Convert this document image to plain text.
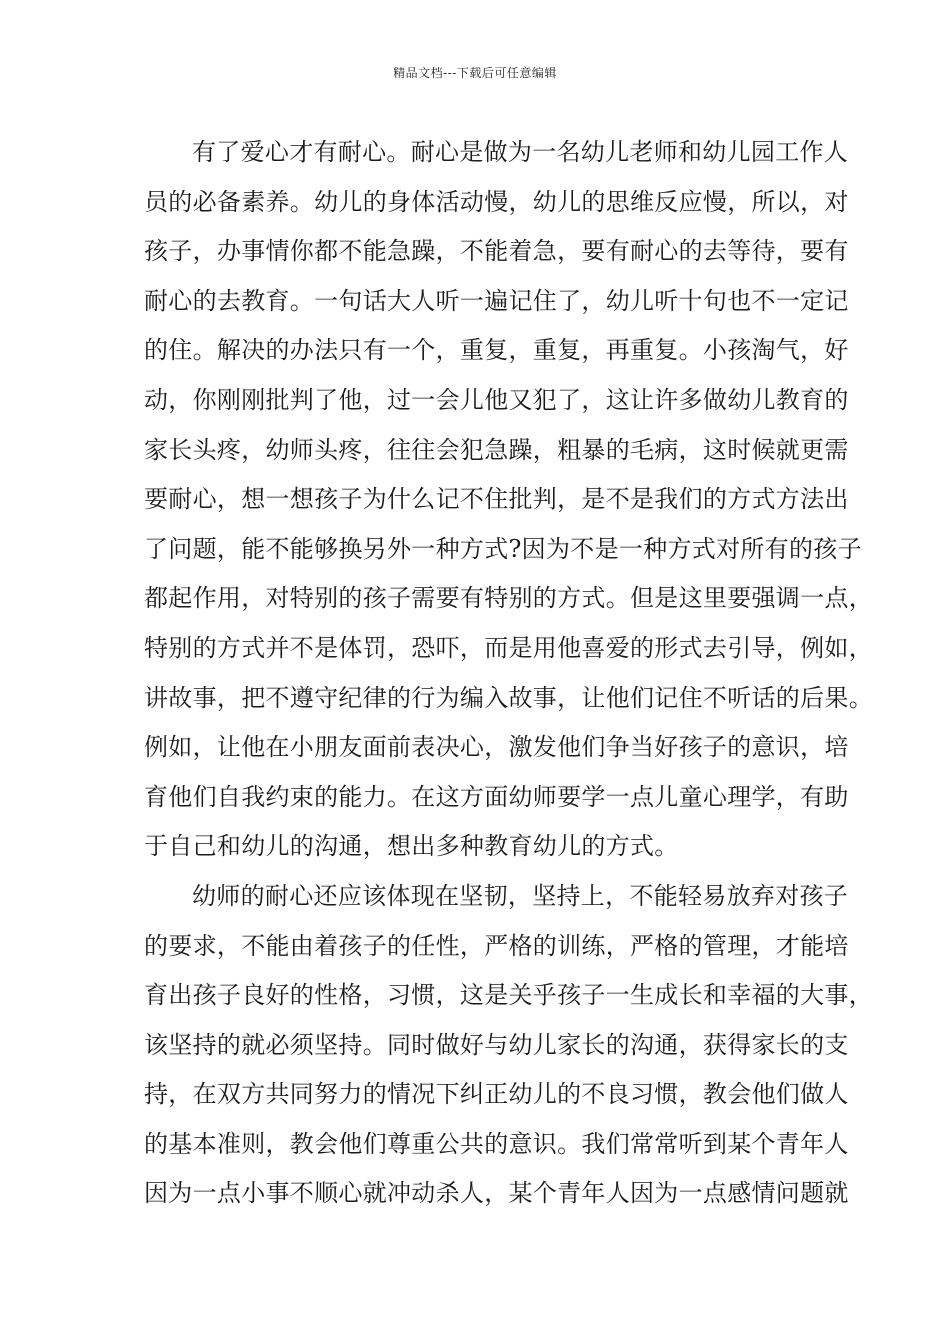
精品文档---下载后可任意编辑
有了爱心才有耐心。耐心是做为一名幼儿老师和幼儿园工作人
员的必备素养。幼儿的身体活动慢，幼儿的思维反应慢，所以，对
孩子，办事情你都不能急躁，不能着急，要有耐心的去等待，要有
耐心的去教育。一句话大人听一遍记住了，幼儿听十句也不一定记
的住。解决的办法只有一个，重复，重复，再重复。小孩淘气，好
动，你刚刚批判了他，过一会儿他又犯了，这让许多做幼儿教育的
家长头疼，幼师头疼，往往会犯急躁，粗暴的毛病，这时候就更需
要耐心，想一想孩子为什么记不住批判，是不是我们的方式方法出
了问题，能不能够换另外一种方式?因为不是一种方式对所有的孩子
都起作用，对特别的孩子需要有特别的方式。但是这里要强调一点，
特别的方式并不是体罚，恐吓，而是用他喜爱的形式去引导，例如，
讲故事，把不遵守纪律的行为编入故事，让他们记住不听话的后果。
例如，让他在小朋友面前表决心，激发他们争当好孩子的意识，培
育他们自我约束的能力。在这方面幼师要学一点儿童心理学，有助
于自己和幼儿的沟通，想出多种教育幼儿的方式。
幼师的耐心还应该体现在坚韧，坚持上，不能轻易放弃对孩子
的要求，不能由着孩子的任性，严格的训练，严格的管理，才能培
育出孩子良好的性格，习惯，这是关乎孩子一生成长和幸福的大事，
该坚持的就必须坚持。同时做好与幼儿家长的沟通，获得家长的支
持，在双方共同努力的情况下纠正幼儿的不良习惯，教会他们做人
的基本准则，教会他们尊重公共的意识。我们常常听到某个青年人
因为一点小事不顺心就冲动杀人，某个青年人因为一点感情问题就
